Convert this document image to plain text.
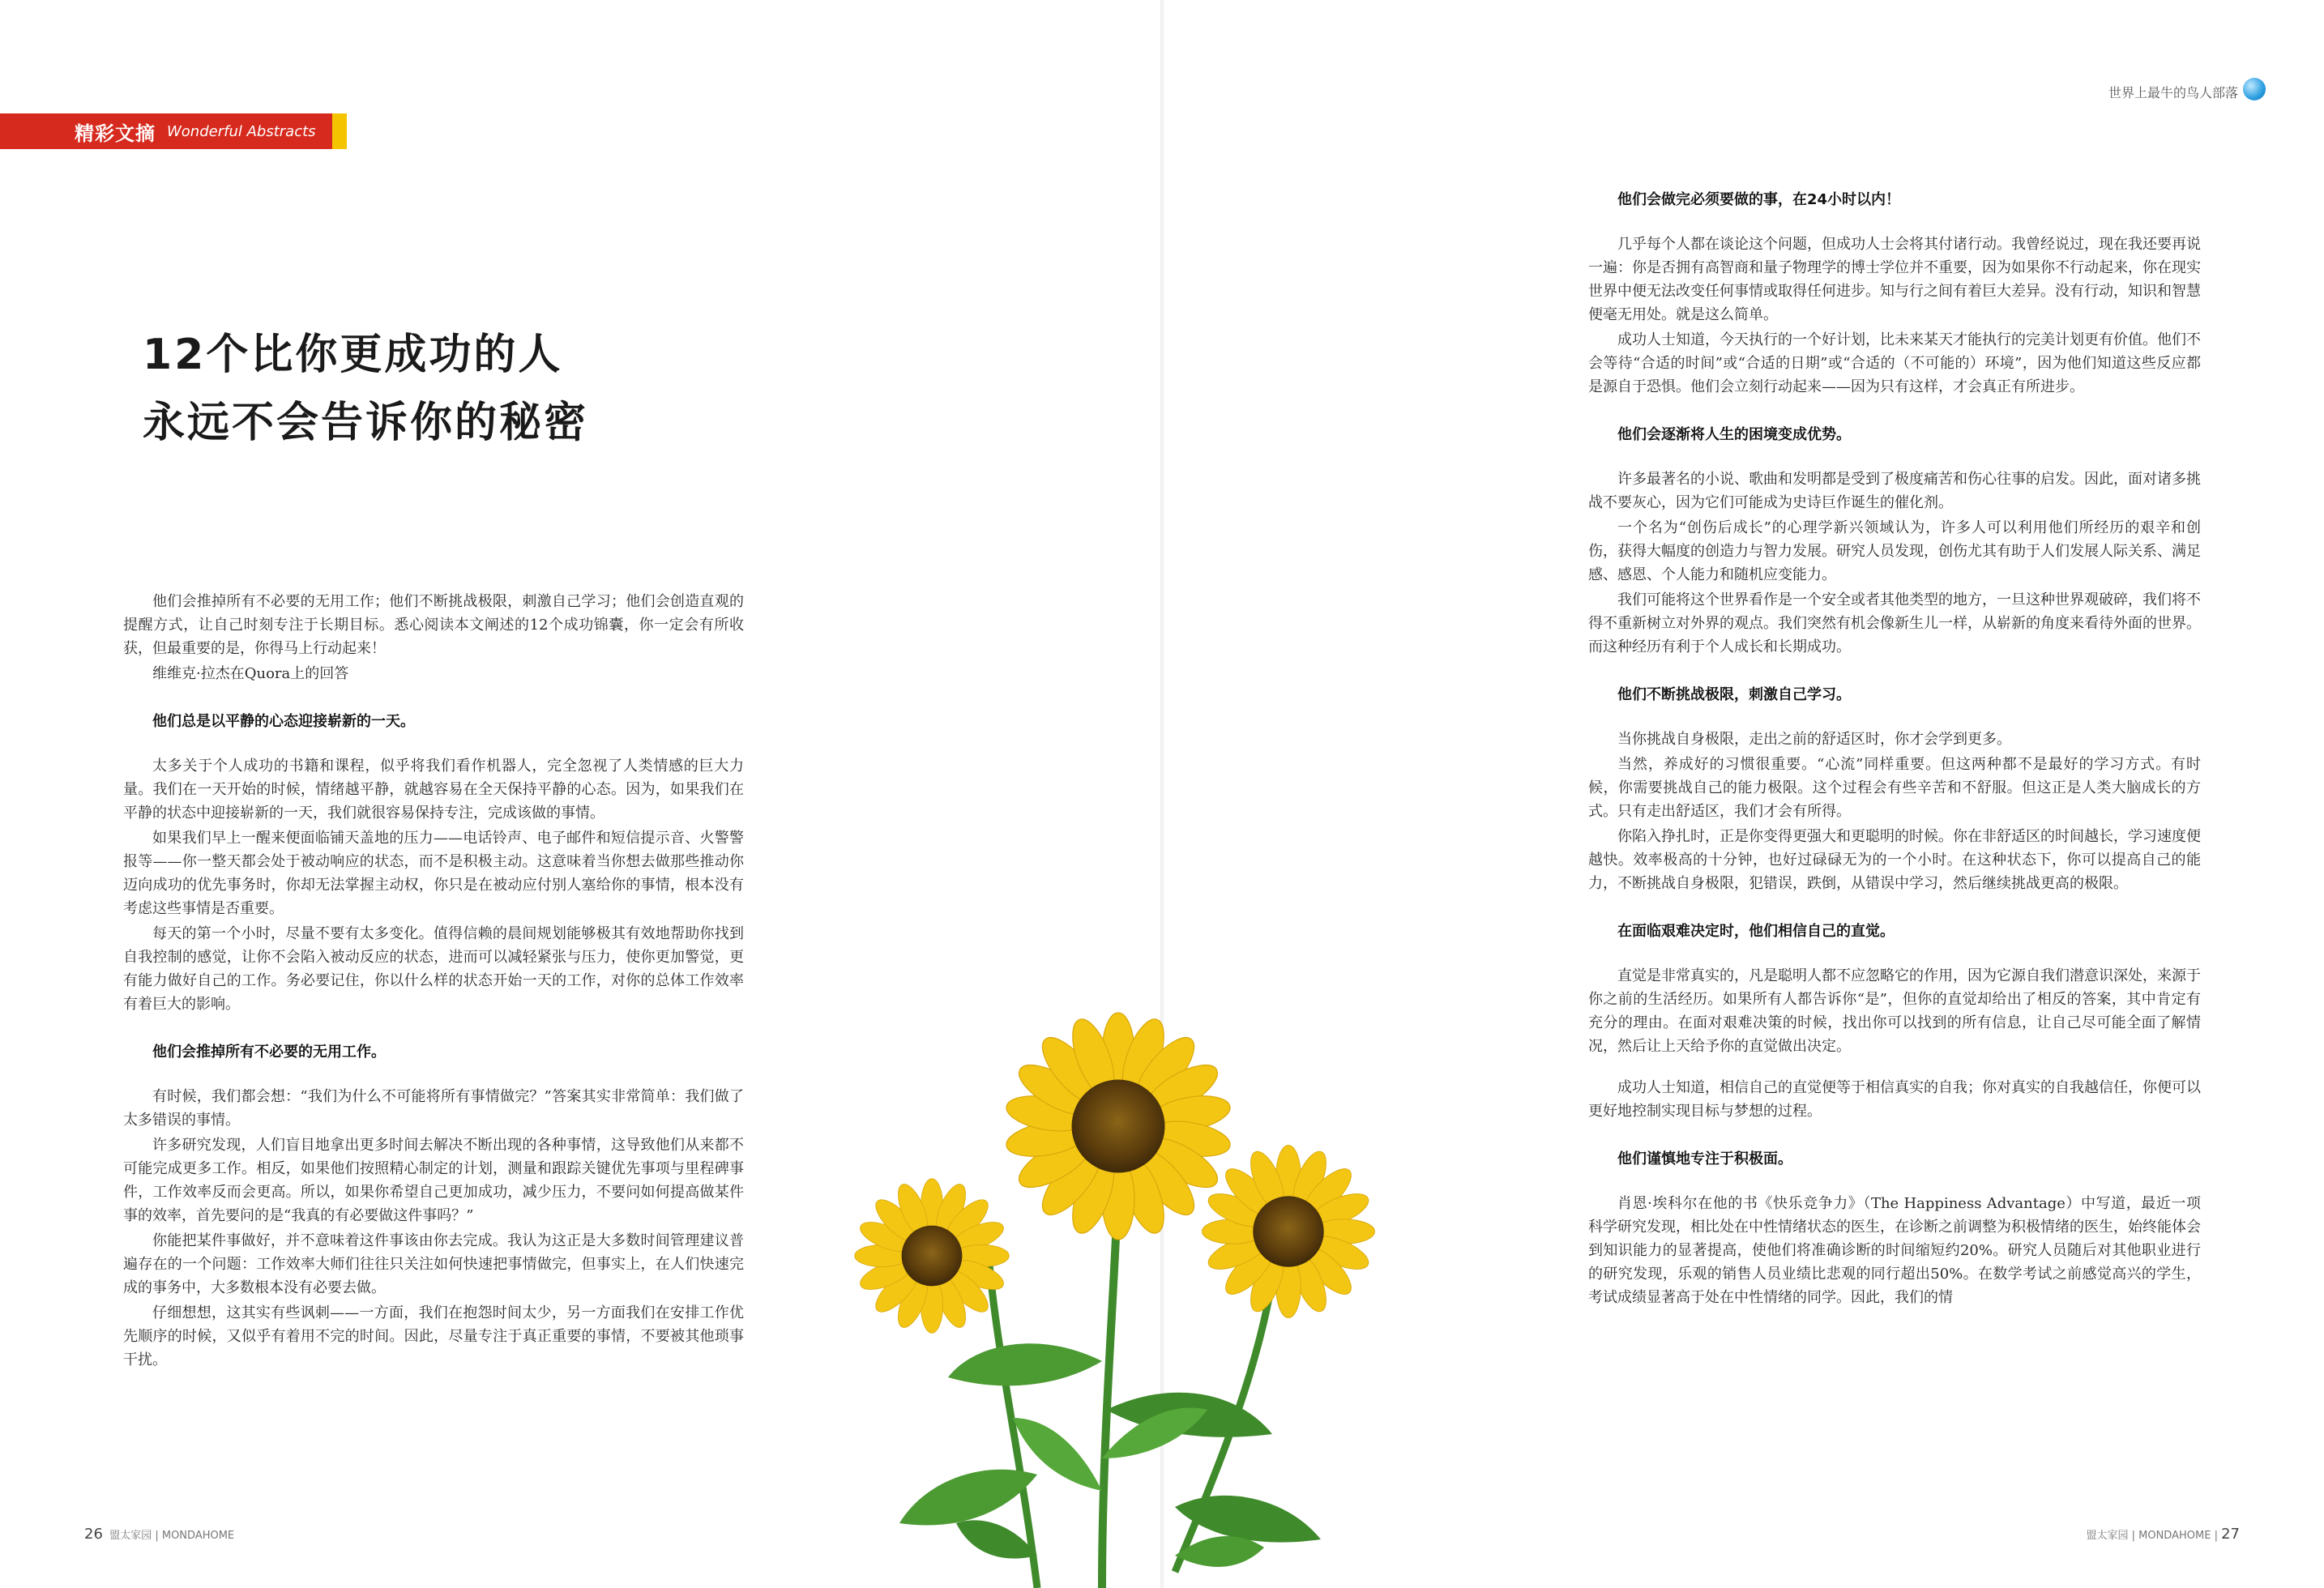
精彩文摘 Wonderful Abstracts
世界上最牛的鸟人部落
12个比你更成功的人
永远不会告诉你的秘密

他们会推掉所有不必要的无用工作；他们不断挑战极限，刺激自己学习；他们会创造直观的提醒方式，让自己时刻专注于长期目标。悉心阅读本文阐述的12个成功锦囊，你一定会有所收获，但最重要的是，你得马上行动起来！

维维克·拉杰在Quora上的回答

他们总是以平静的心态迎接崭新的一天。

太多关于个人成功的书籍和课程，似乎将我们看作机器人，完全忽视了人类情感的巨大力量。我们在一天开始的时候，情绪越平静，就越容易在全天保持平静的心态。因为，如果我们在平静的状态中迎接崭新的一天，我们就很容易保持专注，完成该做的事情。

如果我们早上一醒来便面临铺天盖地的压力——电话铃声、电子邮件和短信提示音、火警警报等——你一整天都会处于被动响应的状态，而不是积极主动。这意味着当你想去做那些推动你迈向成功的优先事务时，你却无法掌握主动权，你只是在被动应付别人塞给你的事情，根本没有考虑这些事情是否重要。

每天的第一个小时，尽量不要有太多变化。值得信赖的晨间规划能够极其有效地帮助你找到自我控制的感觉，让你不会陷入被动反应的状态，进而可以减轻紧张与压力，使你更加警觉，更有能力做好自己的工作。务必要记住，你以什么样的状态开始一天的工作，对你的总体工作效率有着巨大的影响。

他们会推掉所有不必要的无用工作。

有时候，我们都会想：“我们为什么不可能将所有事情做完？”答案其实非常简单：我们做了太多错误的事情。

许多研究发现，人们盲目地拿出更多时间去解决不断出现的各种事情，这导致他们从来都不可能完成更多工作。相反，如果他们按照精心制定的计划，测量和跟踪关键优先事项与里程碑事件，工作效率反而会更高。所以，如果你希望自己更加成功，减少压力，不要问如何提高做某件事的效率，首先要问的是“我真的有必要做这件事吗？”

你能把某件事做好，并不意味着这件事该由你去完成。我认为这正是大多数时间管理建议普遍存在的一个问题：工作效率大师们往往只关注如何快速把事情做完，但事实上，在人们快速完成的事务中，大多数根本没有必要去做。

仔细想想，这其实有些讽刺——一方面，我们在抱怨时间太少，另一方面我们在安排工作优先顺序的时候，又似乎有着用不完的时间。因此，尽量专注于真正重要的事情，不要被其他琐事干扰。

他们会做完必须要做的事，在24小时以内！

几乎每个人都在谈论这个问题，但成功人士会将其付诸行动。我曾经说过，现在我还要再说一遍：你是否拥有高智商和量子物理学的博士学位并不重要，因为如果你不行动起来，你在现实世界中便无法改变任何事情或取得任何进步。知与行之间有着巨大差异。没有行动，知识和智慧便毫无用处。就是这么简单。

成功人士知道，今天执行的一个好计划，比未来某天才能执行的完美计划更有价值。他们不会等待“合适的时间”或“合适的日期”或“合适的（不可能的）环境”，因为他们知道这些反应都是源自于恐惧。他们会立刻行动起来——因为只有这样，才会真正有所进步。

他们会逐渐将人生的困境变成优势。

许多最著名的小说、歌曲和发明都是受到了极度痛苦和伤心往事的启发。因此，面对诸多挑战不要灰心，因为它们可能成为史诗巨作诞生的催化剂。

一个名为“创伤后成长”的心理学新兴领域认为，许多人可以利用他们所经历的艰辛和创伤，获得大幅度的创造力与智力发展。研究人员发现，创伤尤其有助于人们发展人际关系、满足感、感恩、个人能力和随机应变能力。

我们可能将这个世界看作是一个安全或者其他类型的地方，一旦这种世界观破碎，我们将不得不重新树立对外界的观点。我们突然有机会像新生儿一样，从崭新的角度来看待外面的世界。而这种经历有利于个人成长和长期成功。

他们不断挑战极限，刺激自己学习。

当你挑战自身极限，走出之前的舒适区时，你才会学到更多。

当然，养成好的习惯很重要。“心流”同样重要。但这两种都不是最好的学习方式。有时候，你需要挑战自己的能力极限。这个过程会有些辛苦和不舒服。但这正是人类大脑成长的方式。只有走出舒适区，我们才会有所得。

你陷入挣扎时，正是你变得更强大和更聪明的时候。你在非舒适区的时间越长，学习速度便越快。效率极高的十分钟，也好过碌碌无为的一个小时。在这种状态下，你可以提高自己的能力，不断挑战自身极限，犯错误，跌倒，从错误中学习，然后继续挑战更高的极限。

在面临艰难决定时，他们相信自己的直觉。

直觉是非常真实的，凡是聪明人都不应忽略它的作用，因为它源自我们潜意识深处，来源于你之前的生活经历。如果所有人都告诉你“是”，但你的直觉却给出了相反的答案，其中肯定有充分的理由。在面对艰难决策的时候，找出你可以找到的所有信息，让自己尽可能全面了解情况，然后让上天给予你的直觉做出决定。

成功人士知道，相信自己的直觉便等于相信真实的自我；你对真实的自我越信任，你便可以更好地控制实现目标与梦想的过程。

他们谨慎地专注于积极面。

肖恩·埃科尔在他的书《快乐竞争力》（The Happiness Advantage）中写道，最近一项科学研究发现，相比处在中性情绪状态的医生，在诊断之前调整为积极情绪的医生，始终能体会到知识能力的显著提高，使他们将准确诊断的时间缩短约20%。研究人员随后对其他职业进行的研究发现，乐观的销售人员业绩比悲观的同行超出50%。在数学考试之前感觉高兴的学生，考试成绩显著高于处在中性情绪的同学。因此，我们的情

26 盟太家园 | MONDAHOME	盟太家园 | MONDAHOME | 27
